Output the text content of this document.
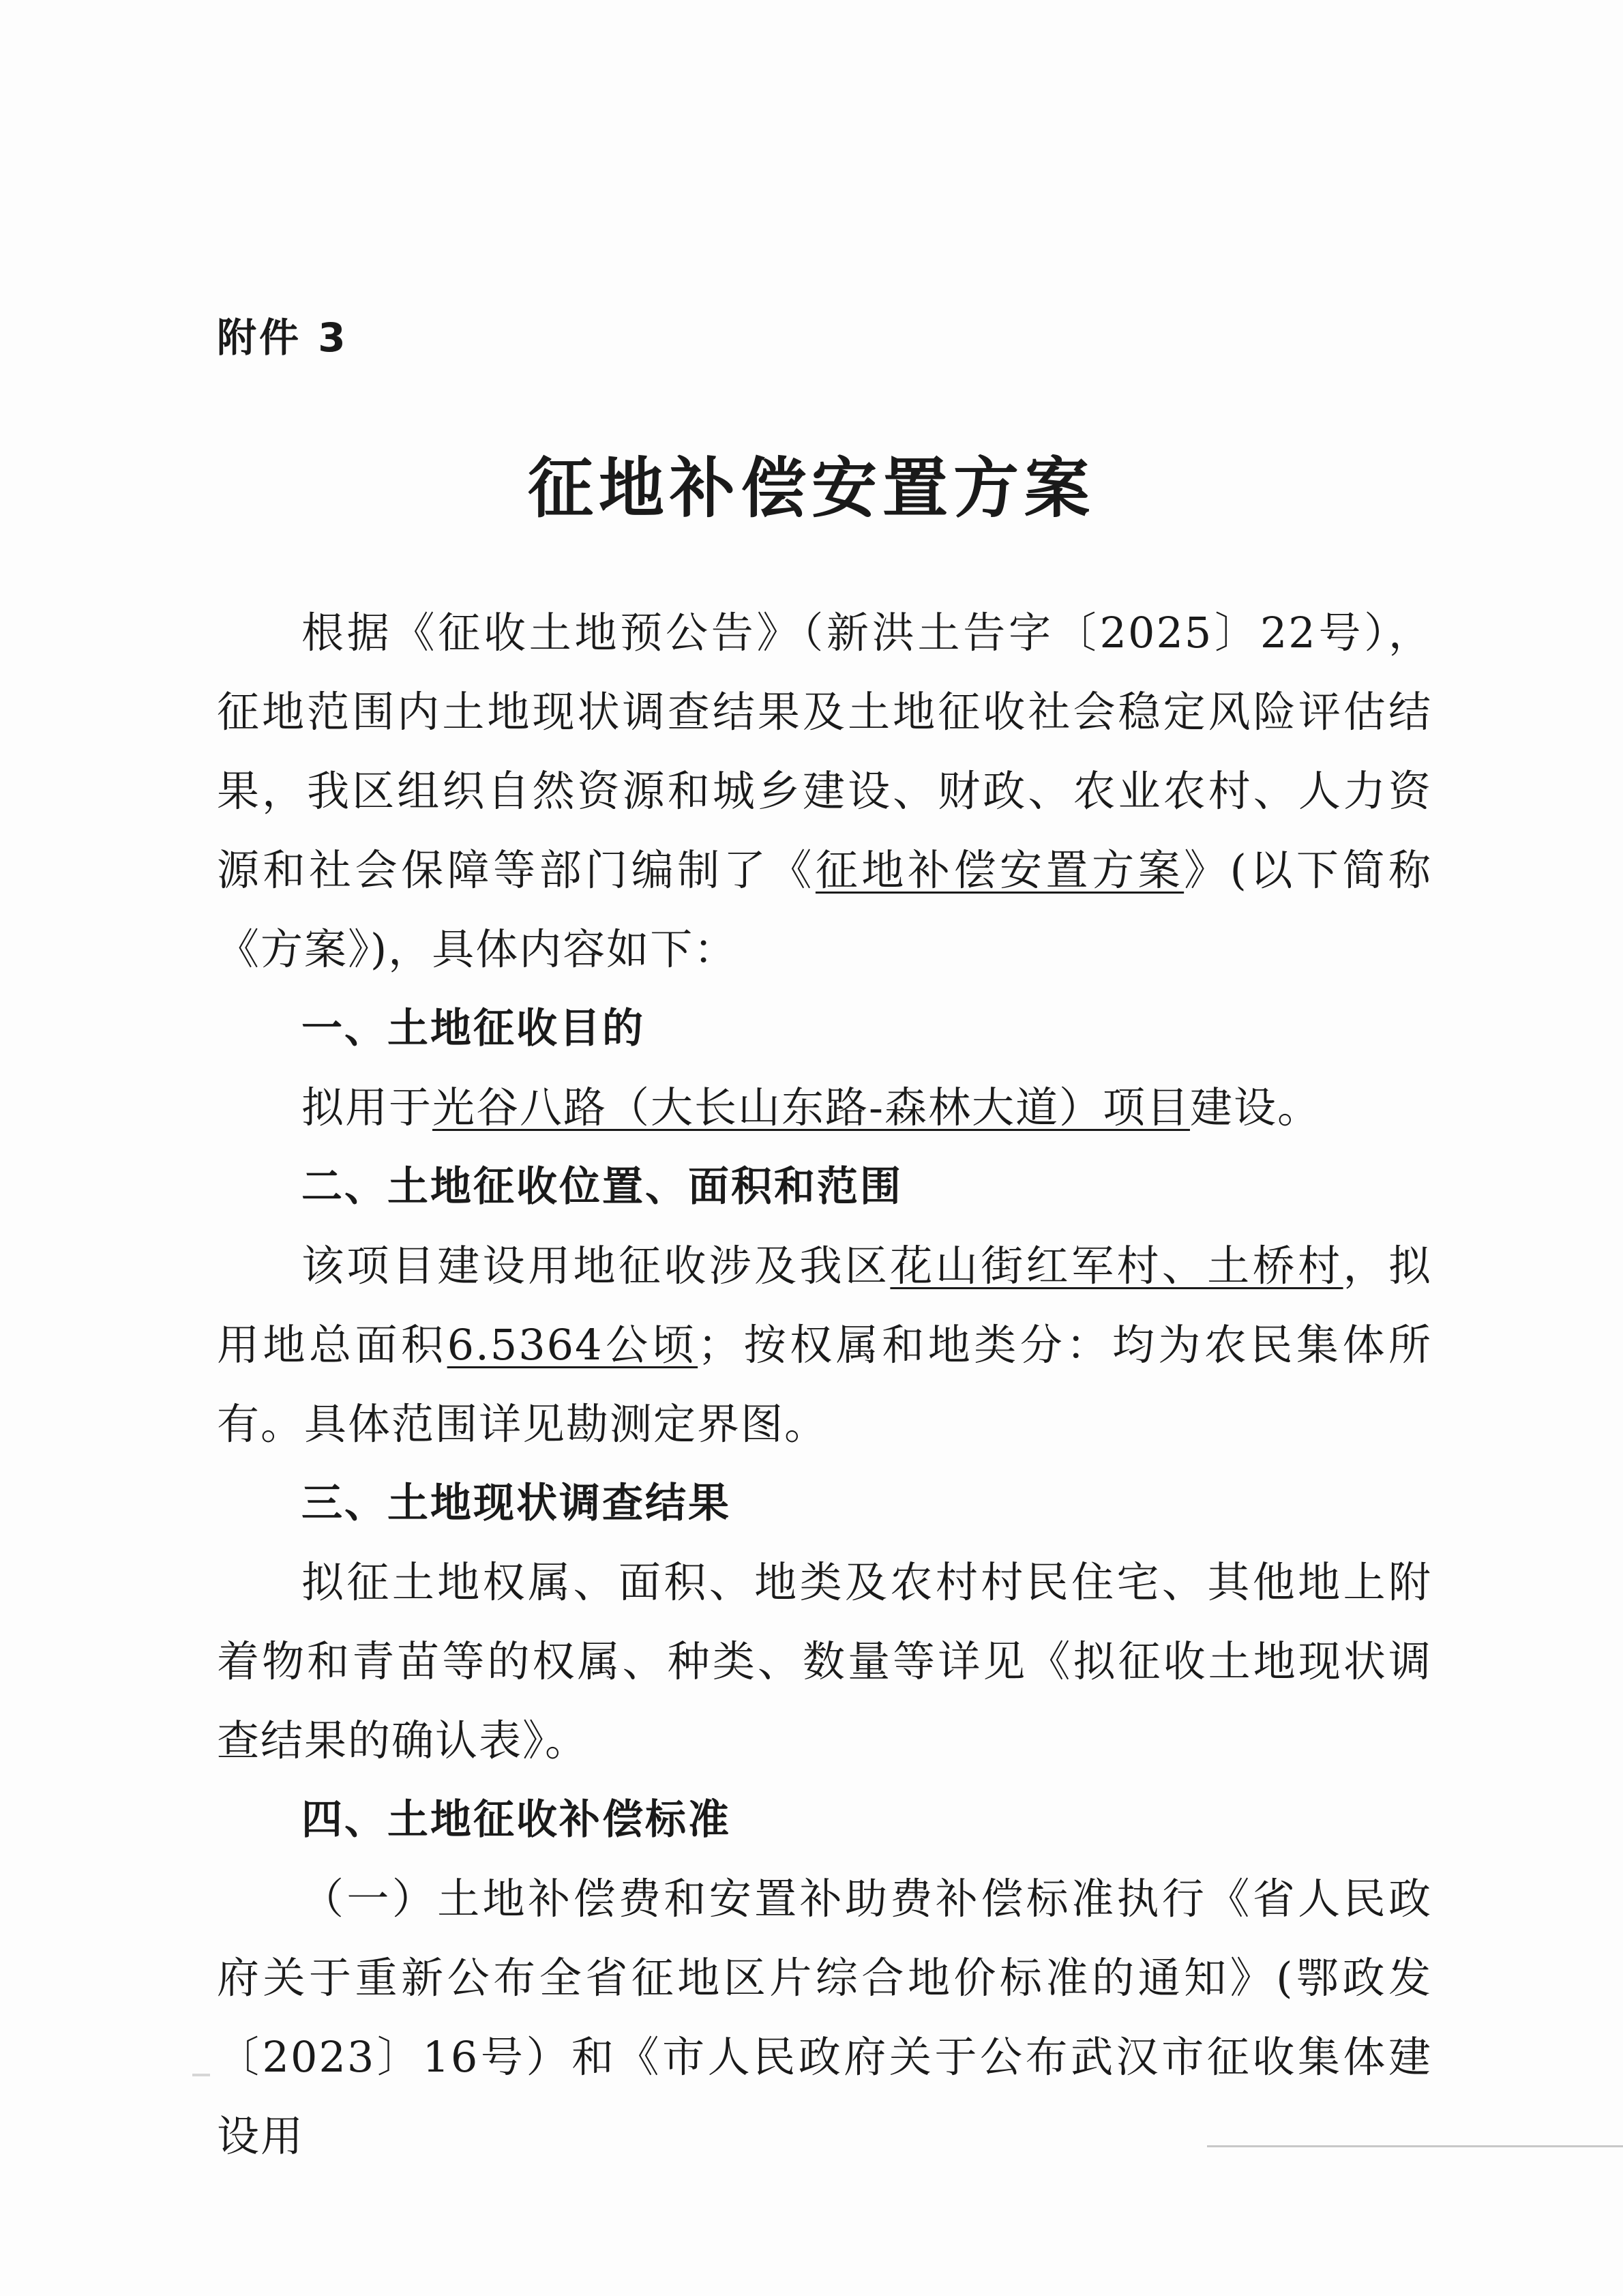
附件 3
征地补偿安置方案

根据《征收土地预公告》（新洪土告字〔2025〕22号），征地范围内土地现状调查结果及土地征收社会稳定风险评估结果，我区组织自然资源和城乡建设、财政、农业农村、人力资源和社会保障等部门编制了《征地补偿安置方案》(以下简称《方案》)，具体内容如下：

一、土地征收目的

拟用于光谷八路（大长山东路-森林大道）项目建设。

二、土地征收位置、面积和范围

该项目建设用地征收涉及我区花山街红军村、土桥村，拟用地总面积6.5364公顷；按权属和地类分：均为农民集体所有。具体范围详见勘测定界图。

三、土地现状调查结果

拟征土地权属、面积、地类及农村村民住宅、其他地上附着物和青苗等的权属、种类、数量等详见《拟征收土地现状调查结果的确认表》。

四、土地征收补偿标准

（一）土地补偿费和安置补助费补偿标准执行《省人民政府关于重新公布全省征地区片综合地价标准的通知》(鄂政发〔2023〕16号）和《市人民政府关于公布武汉市征收集体建设用
